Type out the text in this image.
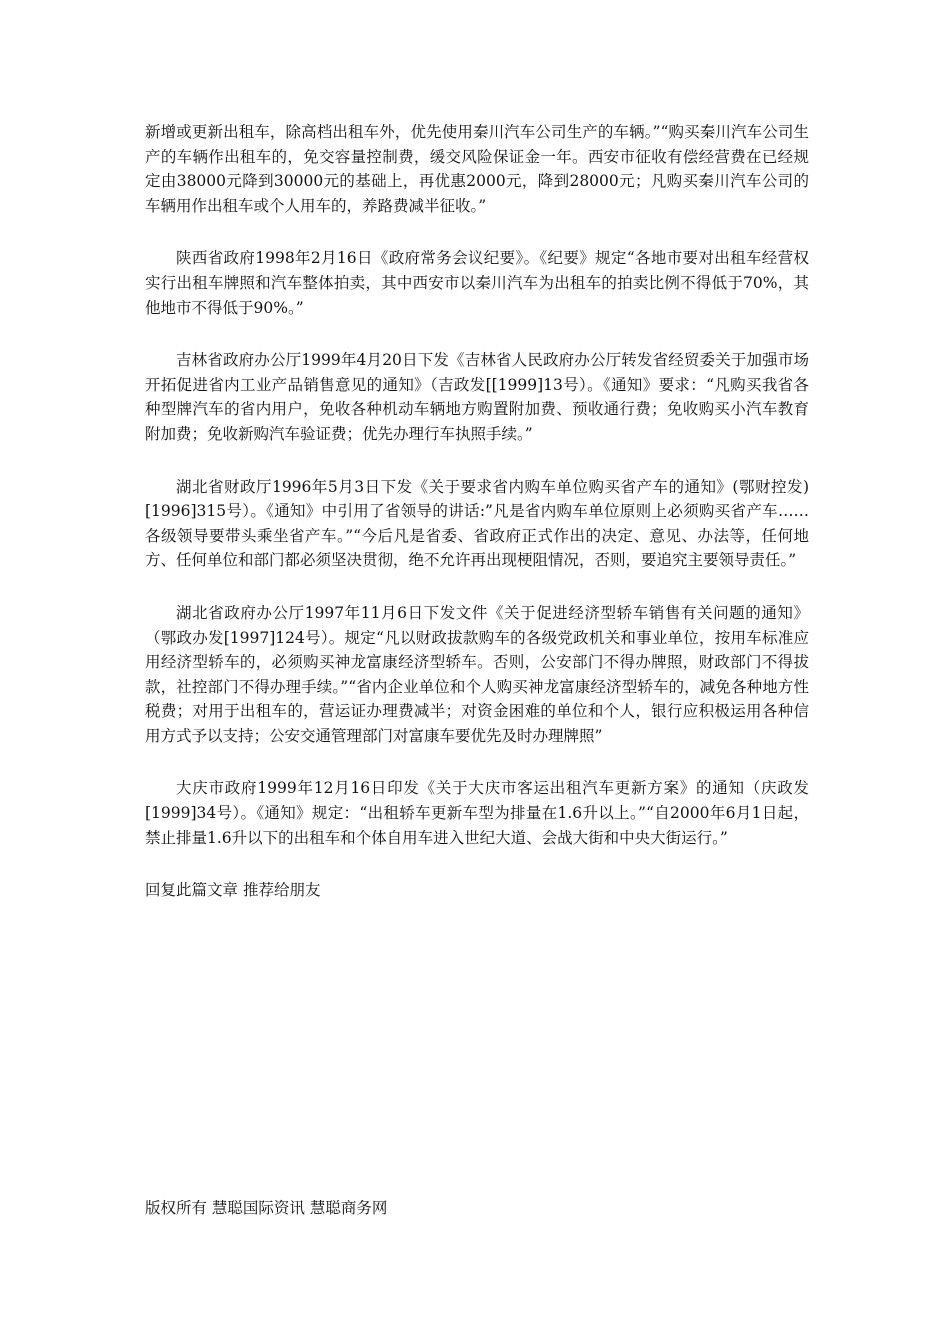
新增或更新出租车，除高档出租车外，优先使用秦川汽车公司生产的车辆。”“购买秦川汽车公司生产的车辆作出租车的，免交容量控制费，缓交风险保证金一年。西安市征收有偿经营费在已经规定由38000元降到30000元的基础上，再优惠2000元，降到28000元；凡购买秦川汽车公司的车辆用作出租车或个人用车的，养路费减半征收。”

陕西省政府1998年2月16日《政府常务会议纪要》。《纪要》规定“各地市要对出租车经营权实行出租车牌照和汽车整体拍卖，其中西安市以秦川汽车为出租车的拍卖比例不得低于70%，其他地市不得低于90%。”

吉林省政府办公厅1999年4月20日下发《吉林省人民政府办公厅转发省经贸委关于加强市场开拓促进省内工业产品销售意见的通知》（吉政发[[1999]13号）。《通知》要求：“凡购买我省各种型牌汽车的省内用户，免收各种机动车辆地方购置附加费、预收通行费；免收购买小汽车教育附加费；免收新购汽车验证费；优先办理行车执照手续。”

湖北省财政厅1996年5月3日下发《关于要求省内购车单位购买省产车的通知》(鄂财控发)[1996]315号）。《通知》中引用了省领导的讲话:”凡是省内购车单位原则上必须购买省产车……各级领导要带头乘坐省产车。”“今后凡是省委、省政府正式作出的决定、意见、办法等，任何地方、任何单位和部门都必须坚决贯彻，绝不允许再出现梗阻情况，否则，要追究主要领导责任。”

湖北省政府办公厅1997年11月6日下发文件《关于促进经济型轿车销售有关问题的通知》（鄂政办发[1997]124号）。规定“凡以财政拔款购车的各级党政机关和事业单位，按用车标准应用经济型轿车的，必须购买神龙富康经济型轿车。否则，公安部门不得办牌照，财政部门不得拔款，社控部门不得办理手续。”“省内企业单位和个人购买神龙富康经济型轿车的，减免各种地方性税费；对用于出租车的，营运证办理费减半；对资金困难的单位和个人，银行应积极运用各种信用方式予以支持；公安交通管理部门对富康车要优先及时办理牌照”

大庆市政府1999年12月16日印发《关于大庆市客运出租汽车更新方案》的通知（庆政发[1999]34号）。《通知》规定：“出租轿车更新车型为排量在1.6升以上。”“自2000年6月1日起，禁止排量1.6升以下的出租车和个体自用车进入世纪大道、会战大街和中央大街运行。”

回复此篇文章 推荐给朋友

版权所有 慧聪国际资讯 慧聪商务网
